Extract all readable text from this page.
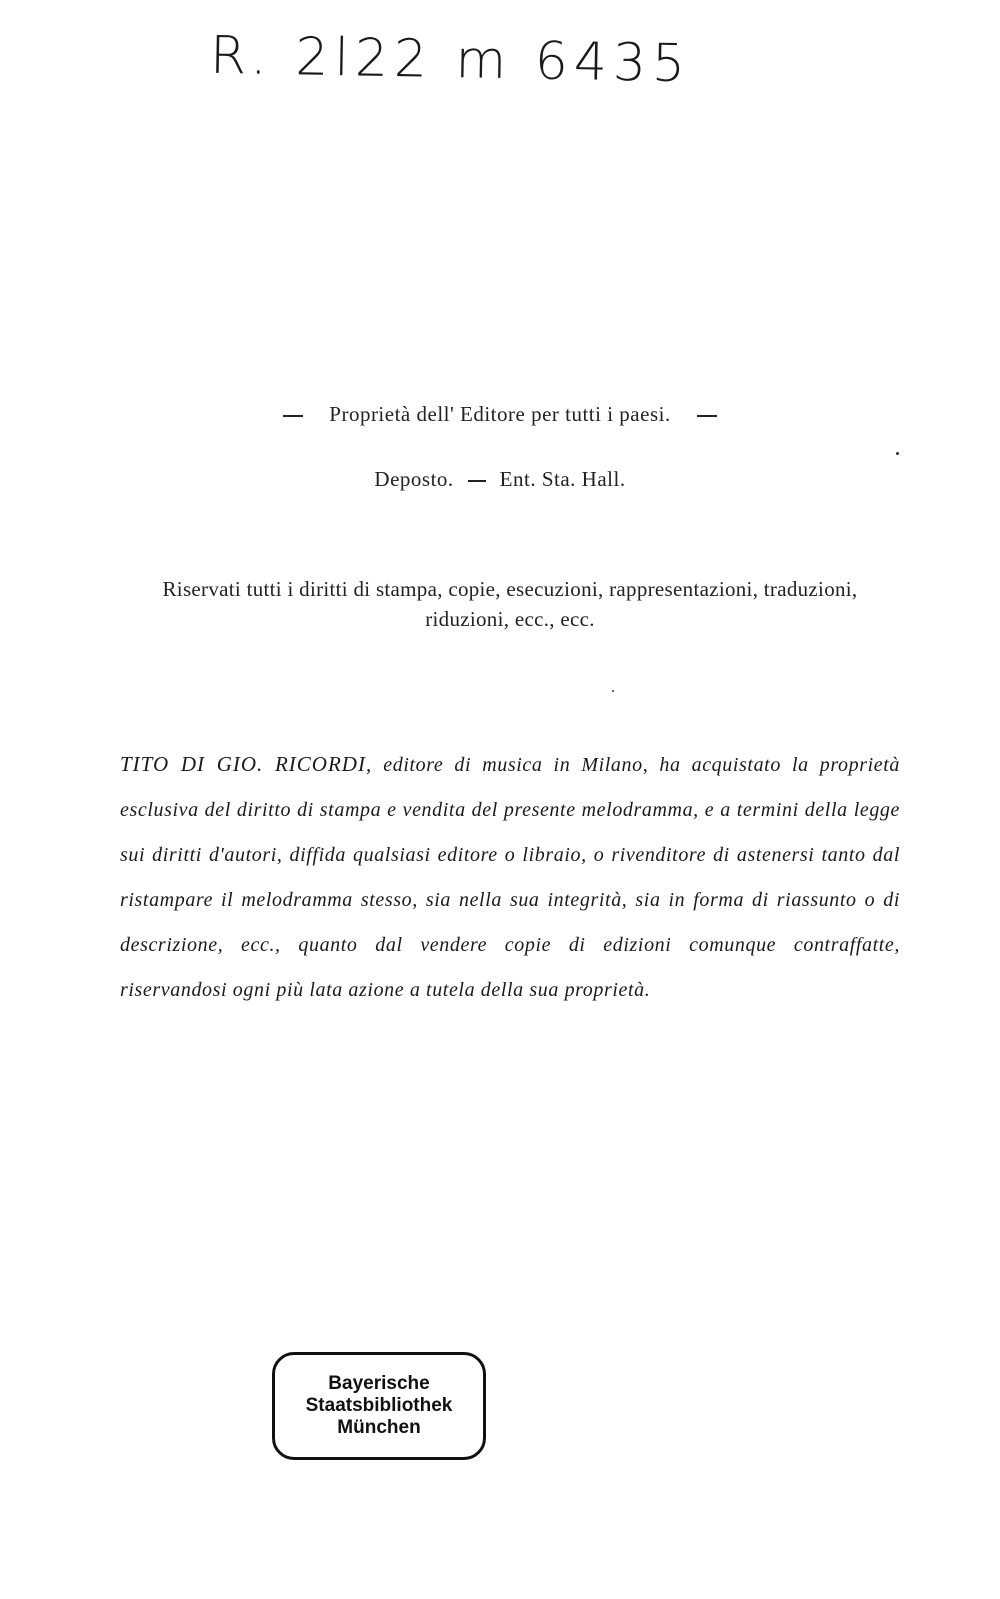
R. 2l22 m 6435
Proprietà dell' Editore per tutti i paesi.
Deposto. Ent. Sta. Hall.
Riservati tutti i diritti di stampa, copie, esecuzioni, rappresentazioni, traduzioni, riduzioni, ecc., ecc.
TITO DI GIO. RICORDI, editore di musica in Milano, ha acquistato la proprietà esclusiva del diritto di stampa e vendita del presente melodramma, e a termini della legge sui diritti d'autori, diffida qualsiasi editore o libraio, o rivenditore di astenersi tanto dal ristampare il melodramma stesso, sia nella sua integrità, sia in forma di riassunto o di descrizione, ecc., quanto dal vendere copie di edizioni comunque contraffatte, riservandosi ogni più lata azione a tutela della sua proprietà.
Bayerische
Staatsbibliothek
München
